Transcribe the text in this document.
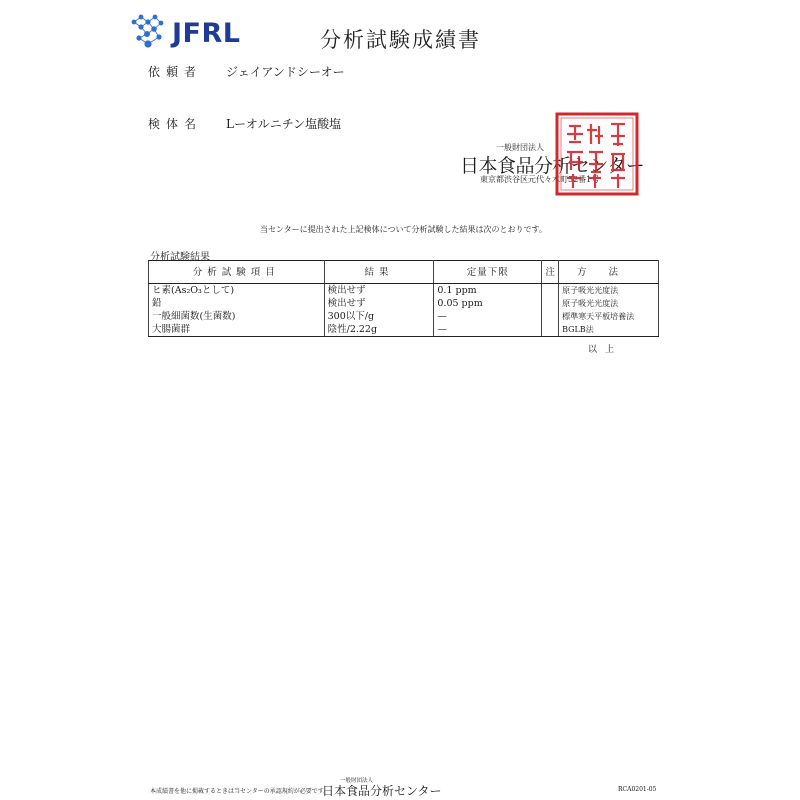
JFRL	分析試験成績書
依頼者 ジェイアンドシーオー
検体名 Lーオルニチン塩酸塩
一般財団法人
日本食品分析センター
東京都渋谷区元代々木町52番1号
当センターに提出された上記検体について分析試験した結果は次のとおりです。
分析試験結果
分析試験項目	結果	定量下限	注	方法
ヒ素(As₂O₃として)	検出せず	0.1 ppm		原子吸光光度法
鉛	検出せず	0.05 ppm		原子吸光光度法
一般細菌数(生菌数)	300以下/g	—		標準寒天平板培養法
大腸菌群	陰性/2.22g	—		BGLB法
以上
本成績書を他に掲載するときは当センターの承認規約が必要です。
一般財団法人
日本食品分析センター	RCA0201-05
